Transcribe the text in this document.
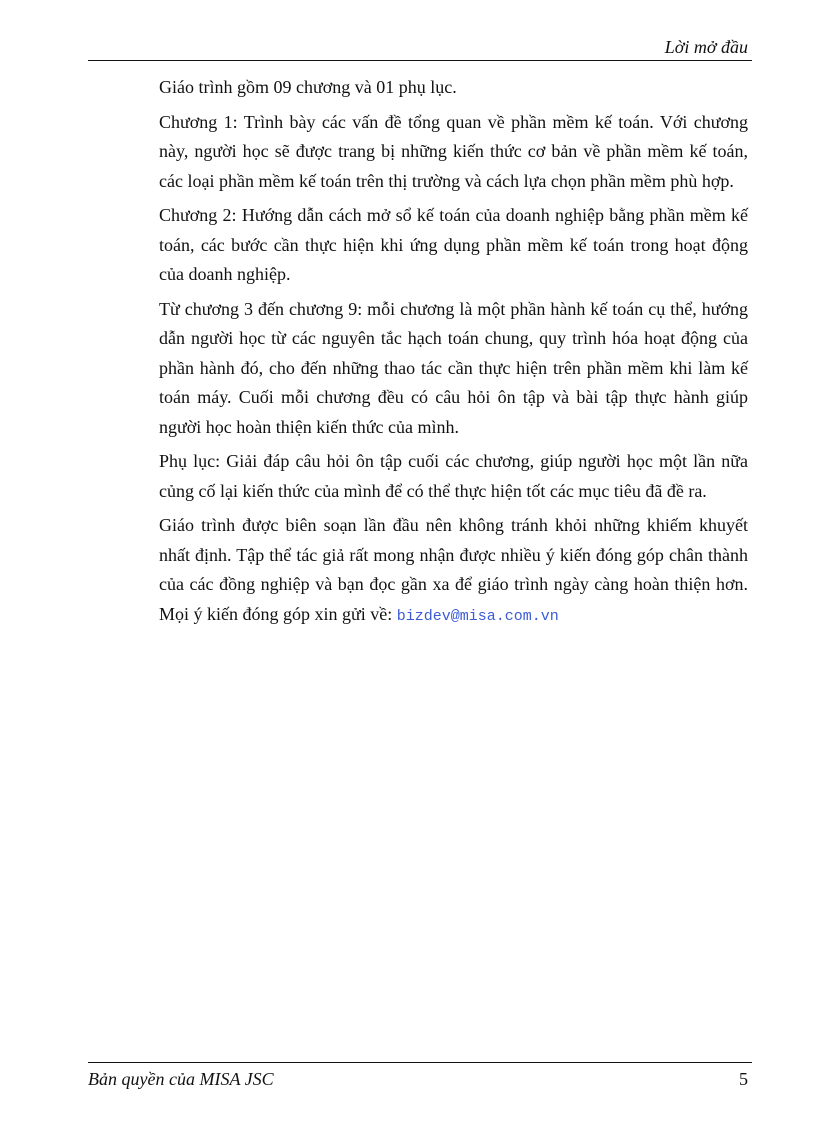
Lời mở đầu

Giáo trình gồm 09 chương và 01 phụ lục.

Chương 1: Trình bày các vấn đề tổng quan về phần mềm kế toán. Với chương này, người học sẽ được trang bị những kiến thức cơ bản về phần mềm kế toán, các loại phần mềm kế toán trên thị trường và cách lựa chọn phần mềm phù hợp.

Chương 2: Hướng dẫn cách mở sổ kế toán của doanh nghiệp bằng phần mềm kế toán, các bước cần thực hiện khi ứng dụng phần mềm kế toán trong hoạt động của doanh nghiệp.

Từ chương 3 đến chương 9: mỗi chương là một phần hành kế toán cụ thể, hướng dẫn người học từ các nguyên tắc hạch toán chung, quy trình hóa hoạt động của phần hành đó, cho đến những thao tác cần thực hiện trên phần mềm khi làm kế toán máy. Cuối mỗi chương đều có câu hỏi ôn tập và bài tập thực hành giúp người học hoàn thiện kiến thức của mình.

Phụ lục: Giải đáp câu hỏi ôn tập cuối các chương, giúp người học một lần nữa củng cố lại kiến thức của mình để có thể thực hiện tốt các mục tiêu đã đề ra.

Giáo trình được biên soạn lần đầu nên không tránh khỏi những khiếm khuyết nhất định. Tập thể tác giả rất mong nhận được nhiều ý kiến đóng góp chân thành của các đồng nghiệp và bạn đọc gần xa để giáo trình ngày càng hoàn thiện hơn. Mọi ý kiến đóng góp xin gửi về: bizdev@misa.com.vn

Bản quyền của MISA JSC	5
